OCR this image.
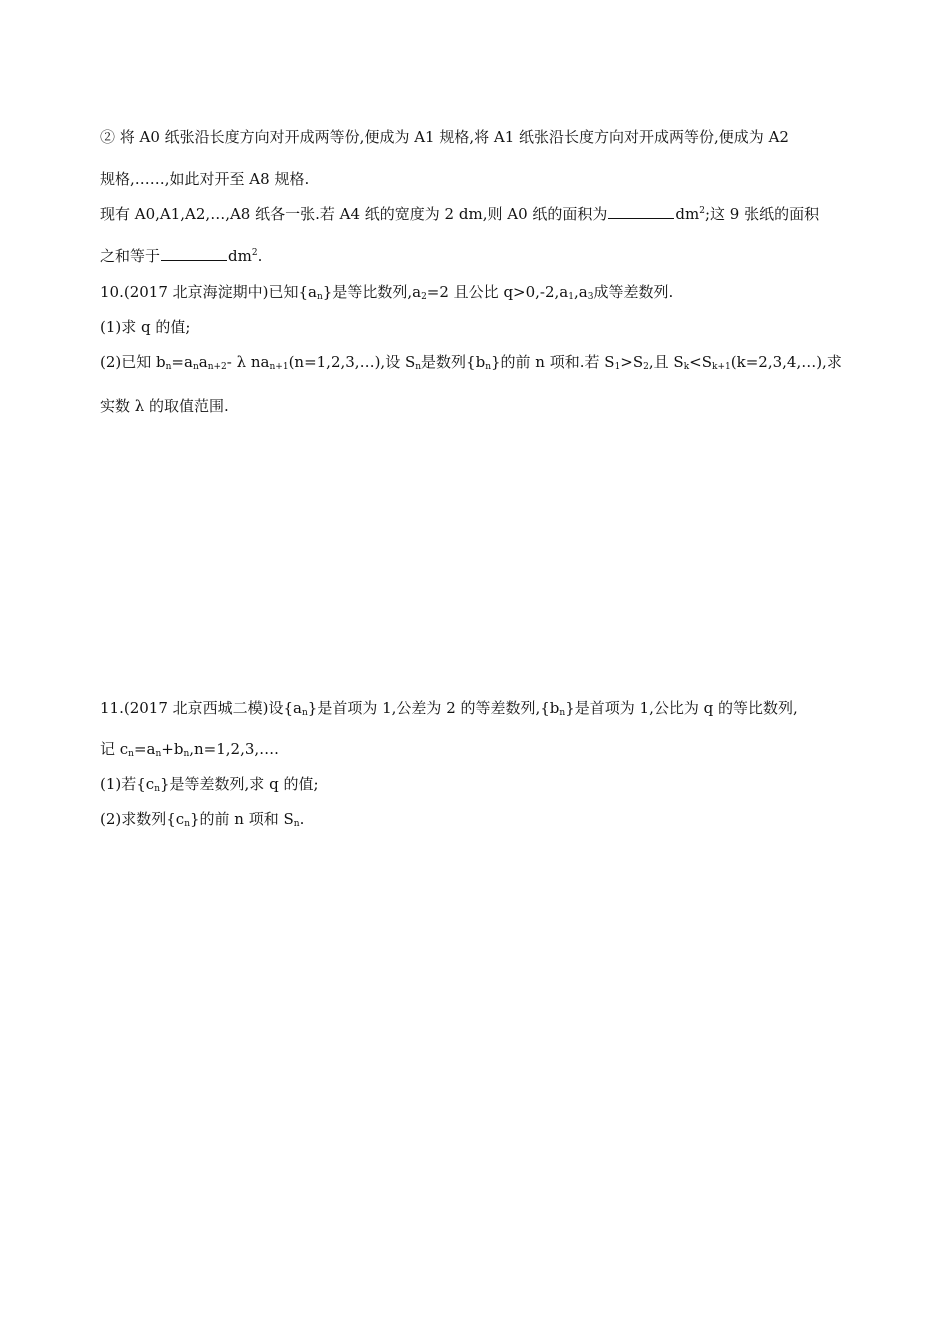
② 将 A0 纸张沿长度方向对开成两等份,便成为 A1 规格,将 A1 纸张沿长度方向对开成两等份,便成为 A2
规格,……,如此对开至 A8 规格.
现有 A0,A1,A2,…,A8 纸各一张.若 A4 纸的宽度为 2 dm,则 A0 纸的面积为	$dm^2$;这 9 张纸的面积
之和等于	$dm^2$.
10.(2017 北京海淀期中)已知$\{a_n\}$是等比数列$,a_2=2$ 且公比 $q>0,-2,a_1,a_3$成等差数列.
(1)求 q 的值;
(2)已知 $b_n=a_na_{n+2}-$ λ $na_{n+1}(n=1,2,3,\dots)$,设 $S_n$是数列$\{b_n\}$的前 n 项和.若 $S_1>S_2$,且 $S_k<S_{k+1}(k=2,3,4,\dots)$,求
实数 λ 的取值范围.
11.(2017 北京西城二模)设$\{a_n\}$是首项为 1,公差为 2 的等差数列$,\{b_n\}$是首项为 1,公比为 q 的等比数列,
记 $c_n=a_n+b_n,n=1,2,3,\dots$.
(1)若$\{c_n\}$是等差数列,求 q 的值;
(2)求数列$\{c_n\}$的前 n 项和 $S_n$.
